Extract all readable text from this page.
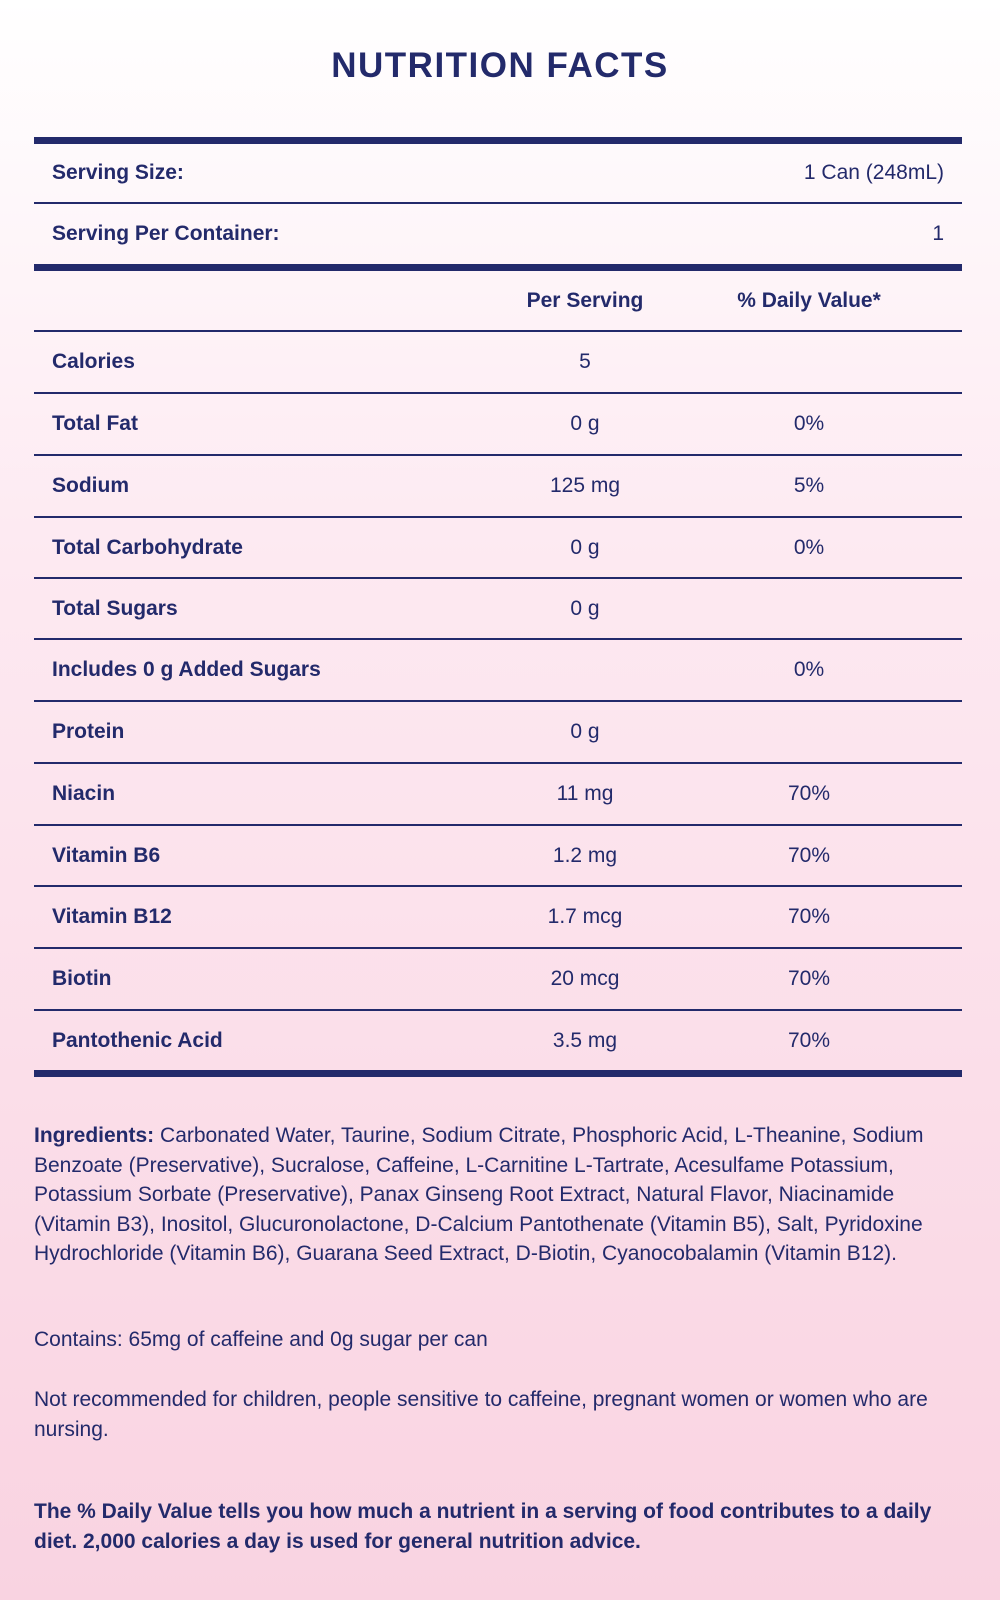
NUTRITION FACTS
Serving Size:	1 Can (248mL)
Serving Per Container:	1
Per Serving	% Daily Value*
Calories	5
Total Fat	0 g	0%
Sodium	125 mg	5%
Total Carbohydrate	0 g	0%
Total Sugars	0 g
Includes 0 g Added Sugars	0%
Protein	0 g
Niacin	11 mg	70%
Vitamin B6	1.2 mg	70%
Vitamin B12	1.7 mcg	70%
Biotin	20 mcg	70%
Pantothenic Acid	3.5 mg	70%
Ingredients: Carbonated Water, Taurine, Sodium Citrate, Phosphoric Acid, L-Theanine, Sodium Benzoate (Preservative), Sucralose, Caffeine, L-Carnitine L-Tartrate, Acesulfame Potassium, Potassium Sorbate (Preservative), Panax Ginseng Root Extract, Natural Flavor, Niacinamide (Vitamin B3), Inositol, Glucuronolactone, D-Calcium Pantothenate (Vitamin B5), Salt, Pyridoxine Hydrochloride (Vitamin B6), Guarana Seed Extract, D-Biotin, Cyanocobalamin (Vitamin B12).
Contains: 65mg of caffeine and 0g sugar per can
Not recommended for children, people sensitive to caffeine, pregnant women or women who are nursing.
The % Daily Value tells you how much a nutrient in a serving of food contributes to a daily diet. 2,000 calories a day is used for general nutrition advice.
